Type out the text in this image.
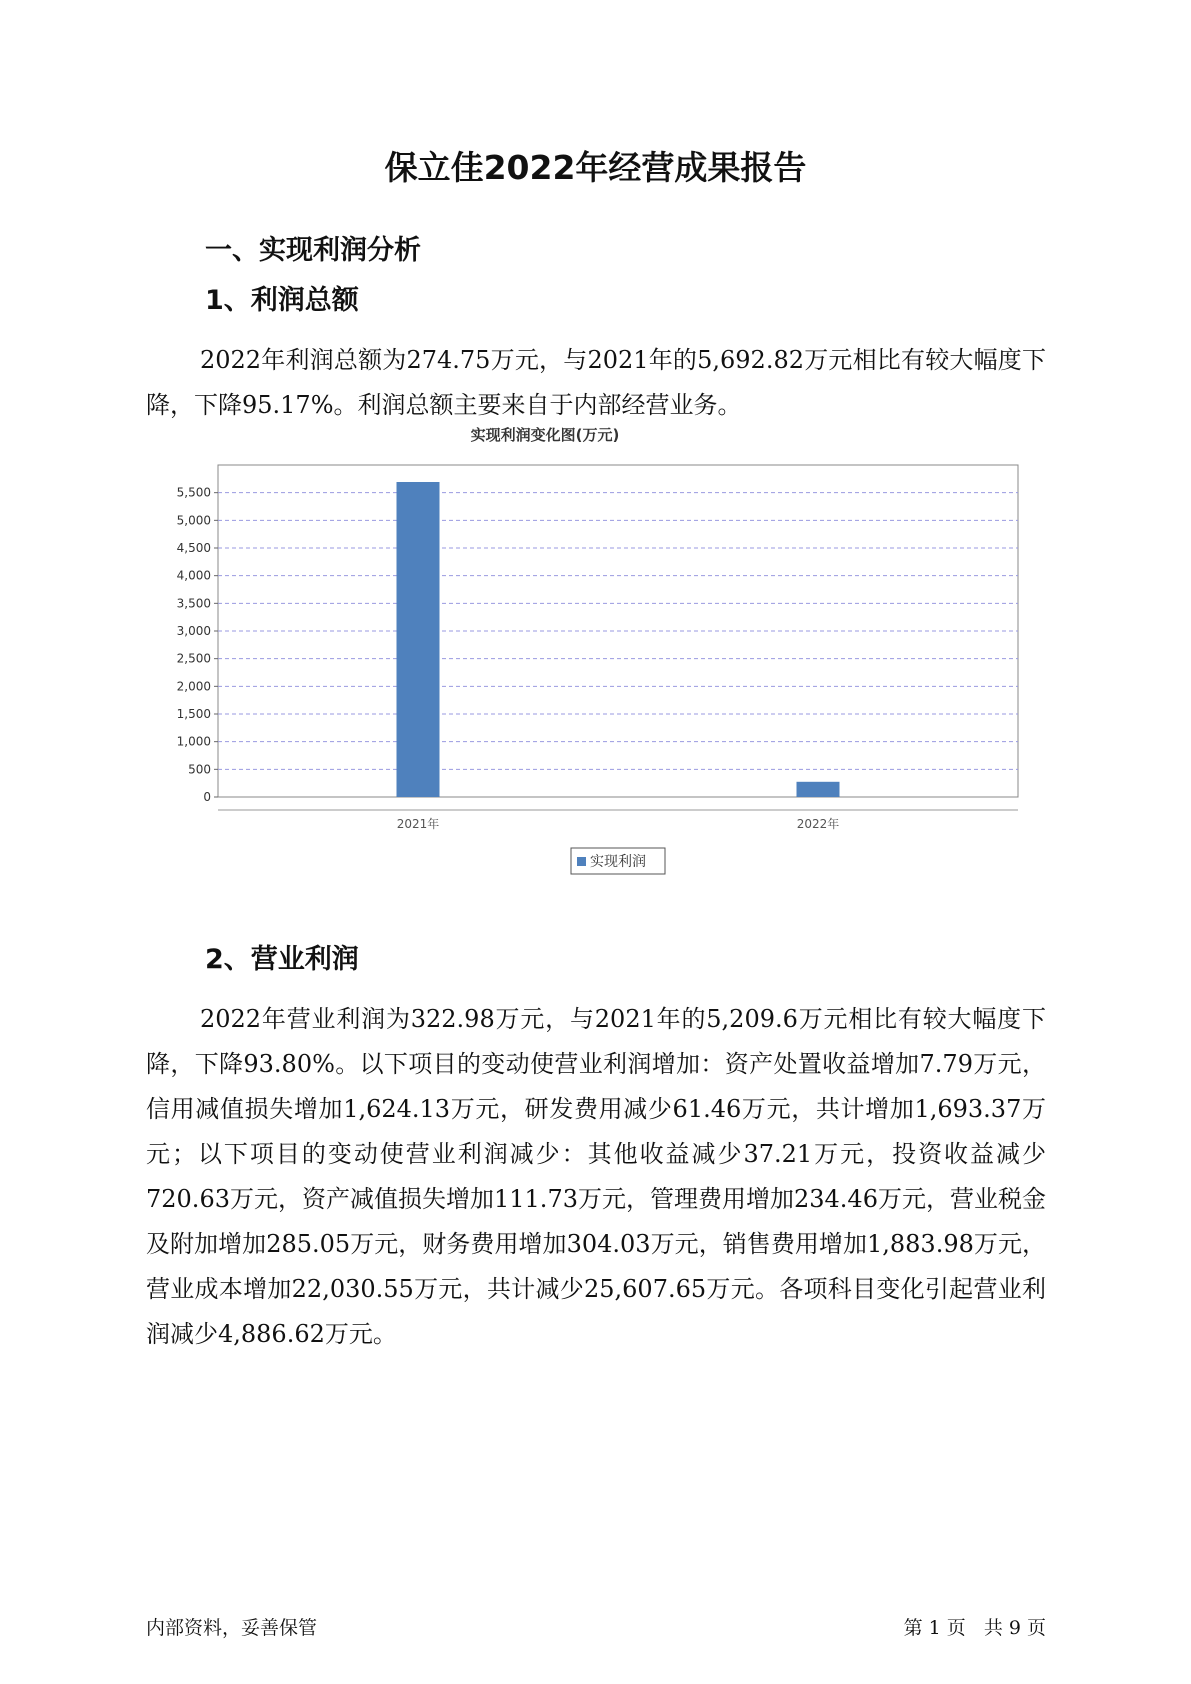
保立佳2022年经营成果报告
一、实现利润分析
1、利润总额

2022年利润总额为274.75万元，与2021年的5,692.82万元相比有较大幅度下降，下降95.17%。利润总额主要来自于内部经营业务。

实现利润变化图(万元)
0
500
1,000
1,500
2,000
2,500
3,000
3,500
4,000
4,500
5,000
5,500
2021年	2022年
实现利润
2、营业利润

2022年营业利润为322.98万元，与2021年的5,209.6万元相比有较大幅度下降，下降93.80%。以下项目的变动使营业利润增加：资产处置收益增加7.79万元，信用减值损失增加1,624.13万元，研发费用减少61.46万元，共计增加1,693.37万元；以下项目的变动使营业利润减少：其他收益减少37.21万元，投资收益减少720.63万元，资产减值损失增加111.73万元，管理费用增加234.46万元，营业税金及附加增加285.05万元，财务费用增加304.03万元，销售费用增加1,883.98万元，营业成本增加22,030.55万元，共计减少25,607.65万元。各项科目变化引起营业利润减少4,886.62万元。

内部资料，妥善保管	第 1 页 共 9 页
